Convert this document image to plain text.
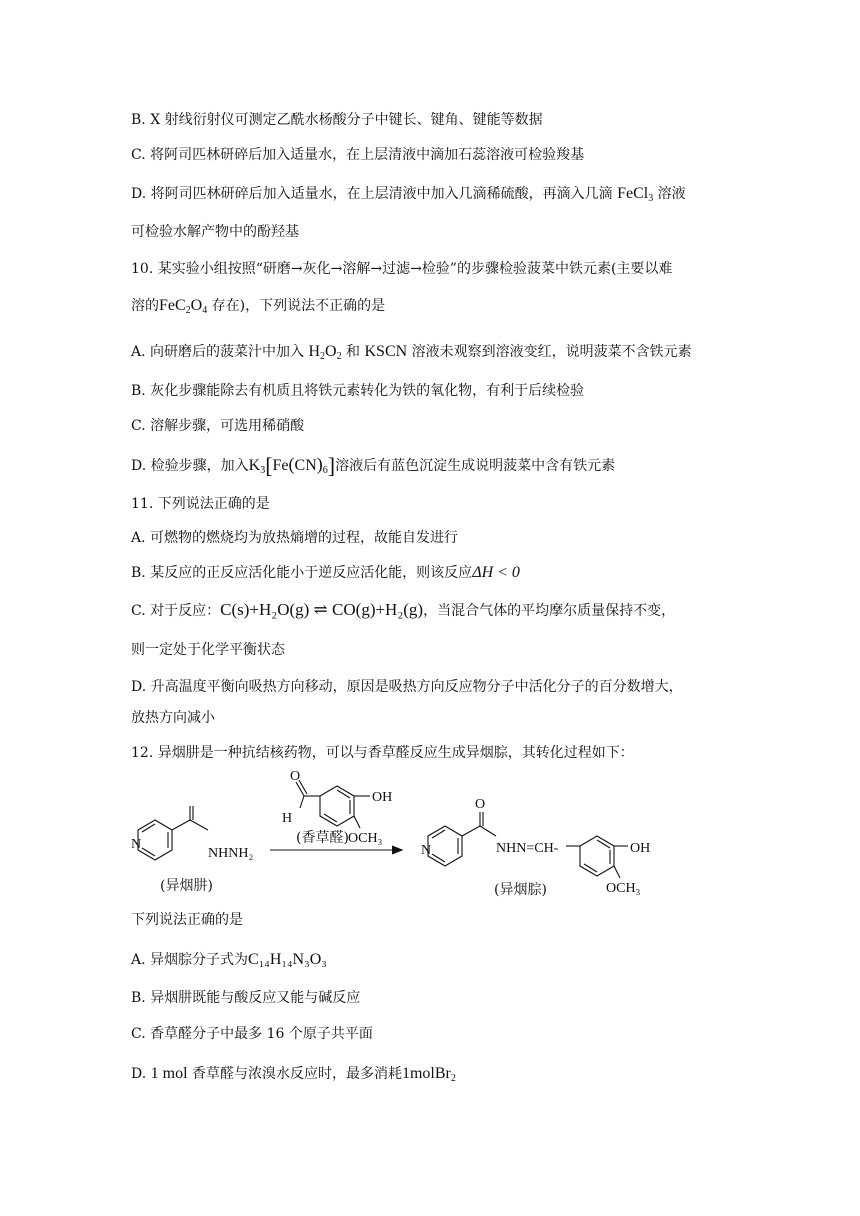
B. X 射线衍射仪可测定乙酰水杨酸分子中键长、键角、键能等数据
C. 将阿司匹林研碎后加入适量水，在上层清液中滴加石蕊溶液可检验羧基
D. 将阿司匹林研碎后加入适量水，在上层清液中加入几滴稀硫酸，再滴入几滴 FeCl$_3$ 溶液
可检验水解产物中的酚羟基
10. 某实验小组按照“研磨→灰化→溶解→过滤→检验”的步骤检验菠菜中铁元素(主要以难
溶的$FeC_2O_4$ 存在)，下列说法不正确的是
A. 向研磨后的菠菜汁中加入 $H_2O_2$ 和 KSCN 溶液未观察到溶液变红，说明菠菜不含铁元素
B. 灰化步骤能除去有机质且将铁元素转化为铁的氧化物，有利于后续检验
C. 溶解步骤，可选用稀硝酸
D. 检验步骤，加入$K_3[Fe(CN)_6]$溶液后有蓝色沉淀生成说明菠菜中含有铁元素
11. 下列说法正确的是
A. 可燃物的燃烧均为放热熵增的过程，故能自发进行
B. 某反应的正反应活化能小于逆反应活化能，则该反应ΔH < 0
C. 对于反应：C(s)+H₂O(g) ⇌ CO(g)+H₂(g)，当混合气体的平均摩尔质量保持不变，
则一定处于化学平衡状态
D. 升高温度平衡向吸热方向移动，原因是吸热方向反应物分子中活化分子的百分数增大，
放热方向减小
12. 异烟肼是一种抗结核药物，可以与香草醛反应生成异烟腙，其转化过程如下：
N
NHNH₂
(异烟肼)
O
H
OH
(香草醛) OCH₃
N
O
NHN=CH-	OH
OCH₃
(异烟腙)
下列说法正确的是
A. 异烟腙分子式为C₁₄H₁₄N₃O₃
B. 异烟肼既能与酸反应又能与碱反应
C. 香草醛分子中最多 16 个原子共平面
D. 1 mol 香草醛与浓溴水反应时，最多消耗1molBr$_2$
